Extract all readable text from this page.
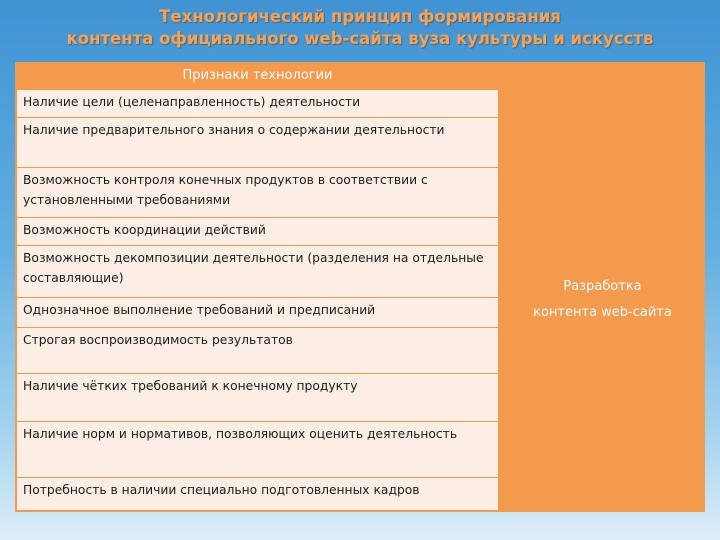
Технологический принцип формирования
контента официального web-сайта вуза культуры и искусств
Признаки технологии
Наличие цели (целенаправленность) деятельности
Наличие предварительного знания о содержании деятельности
Возможность контроля конечных продуктов в соответствии с установленными требованиями
Возможность координации действий
Возможность декомпозиции деятельности (разделения на отдельные составляющие)
Однозначное выполнение требований и предписаний
Строгая воспроизводимость результатов
Наличие чётких требований к конечному продукту
Наличие норм и нормативов, позволяющих оценить деятельность
Потребность в наличии специально подготовленных кадров
Разработка
контента web-сайта
